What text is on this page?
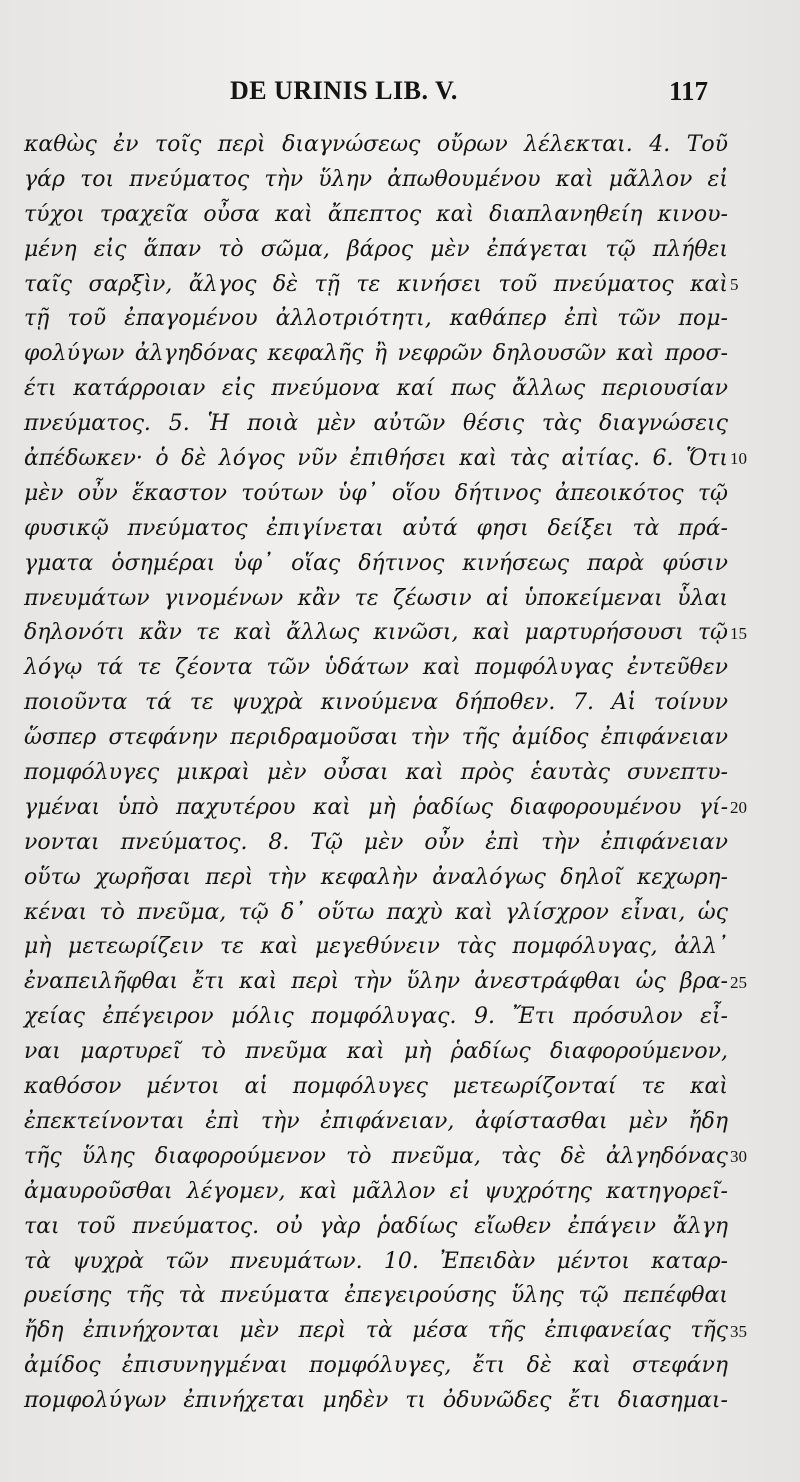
DE URINIS LIB. V.	117
καθὼς ἐν τοῖς περὶ διαγνώσεως οὔρων λέλεκται. 4. Τοῦ
γάρ τοι πνεύματος τὴν ὕλην ἀπωθουμένου καὶ μᾶλλον εἰ
τύχοι τραχεῖα οὖσα καὶ ἄπεπτος καὶ διαπλανηθείη κινου-
μένη εἰς ἅπαν τὸ σῶμα, βάρος μὲν ἐπάγεται τῷ πλήθει
ταῖς σαρξὶν, ἄλγος δὲ τῇ τε κινήσει τοῦ πνεύματος καὶ
τῇ τοῦ ἐπαγομένου ἀλλοτριότητι, καθάπερ ἐπὶ τῶν πομ-
φολύγων ἀλγηδόνας κεφαλῆς ἢ νεφρῶν δηλουσῶν καὶ προσ-
έτι κατάρροιαν εἰς πνεύμονα καί πως ἄλλως περιουσίαν
πνεύματος. 5. Ἡ ποιὰ μὲν αὐτῶν θέσις τὰς διαγνώσεις
ἀπέδωκεν· ὁ δὲ λόγος νῦν ἐπιθήσει καὶ τὰς αἰτίας. 6. Ὅτι
μὲν οὖν ἕκαστον τούτων ὑφ᾿ οἵου δήτινος ἀπεοικότος τῷ
φυσικῷ πνεύματος ἐπιγίνεται αὐτά φησι δείξει τὰ πρά-
γματα ὁσημέραι ὑφ᾿ οἵας δήτινος κινήσεως παρὰ φύσιν
πνευμάτων γινομένων κἂν τε ζέωσιν αἱ ὑποκείμεναι ὗλαι
δηλονότι κἂν τε καὶ ἄλλως κινῶσι, καὶ μαρτυρήσουσι τῷ
λόγῳ τά τε ζέοντα τῶν ὑδάτων καὶ πομφόλυγας ἐντεῦθεν
ποιοῦντα τά τε ψυχρὰ κινούμενα δήποθεν. 7. Αἱ τοίνυν
ὥσπερ στεφάνην περιδραμοῦσαι τὴν τῆς ἀμίδος ἐπιφάνειαν
πομφόλυγες μικραὶ μὲν οὖσαι καὶ πρὸς ἑαυτὰς συνεπτυ-
γμέναι ὑπὸ παχυτέρου καὶ μὴ ῥαδίως διαφορουμένου γί-
νονται πνεύματος. 8. Τῷ μὲν οὖν ἐπὶ τὴν ἐπιφάνειαν
οὕτω χωρῆσαι περὶ τὴν κεφαλὴν ἀναλόγως δηλοῖ κεχωρη-
κέναι τὸ πνεῦμα, τῷ δ᾿ οὕτω παχὺ καὶ γλίσχρον εἶναι, ὡς
μὴ μετεωρίζειν τε καὶ μεγεθύνειν τὰς πομφόλυγας, ἀλλ᾿
ἐναπειλῆφθαι ἔτι καὶ περὶ τὴν ὕλην ἀνεστράφθαι ὡς βρα-
χείας ἐπέγειρον μόλις πομφόλυγας. 9. Ἔτι πρόσυλον εἶ-
ναι μαρτυρεῖ τὸ πνεῦμα καὶ μὴ ῥαδίως διαφορούμενον,
καθόσον μέντοι αἱ πομφόλυγες μετεωρίζονταί τε καὶ
ἐπεκτείνονται ἐπὶ τὴν ἐπιφάνειαν, ἀφίστασθαι μὲν ἤδη
τῆς ὕλης διαφορούμενον τὸ πνεῦμα, τὰς δὲ ἀλγηδόνας
ἀμαυροῦσθαι λέγομεν, καὶ μᾶλλον εἰ ψυχρότης κατηγορεῖ-
ται τοῦ πνεύματος. οὐ γὰρ ῥαδίως εἴωθεν ἐπάγειν ἄλγη
τὰ ψυχρὰ τῶν πνευμάτων. 10. Ἐπειδὰν μέντοι καταρ-
ρυείσης τῆς τὰ πνεύματα ἐπεγειρούσης ὕλης τῷ πεπέφθαι
ἤδη ἐπινήχονται μὲν περὶ τὰ μέσα τῆς ἐπιφανείας τῆς
ἀμίδος ἐπισυνηγμέναι πομφόλυγες, ἔτι δὲ καὶ στεφάνη
πομφολύγων ἐπινήχεται μηδὲν τι ὀδυνῶδες ἔτι διασημαι-
5
10
15
20
25
30
35
